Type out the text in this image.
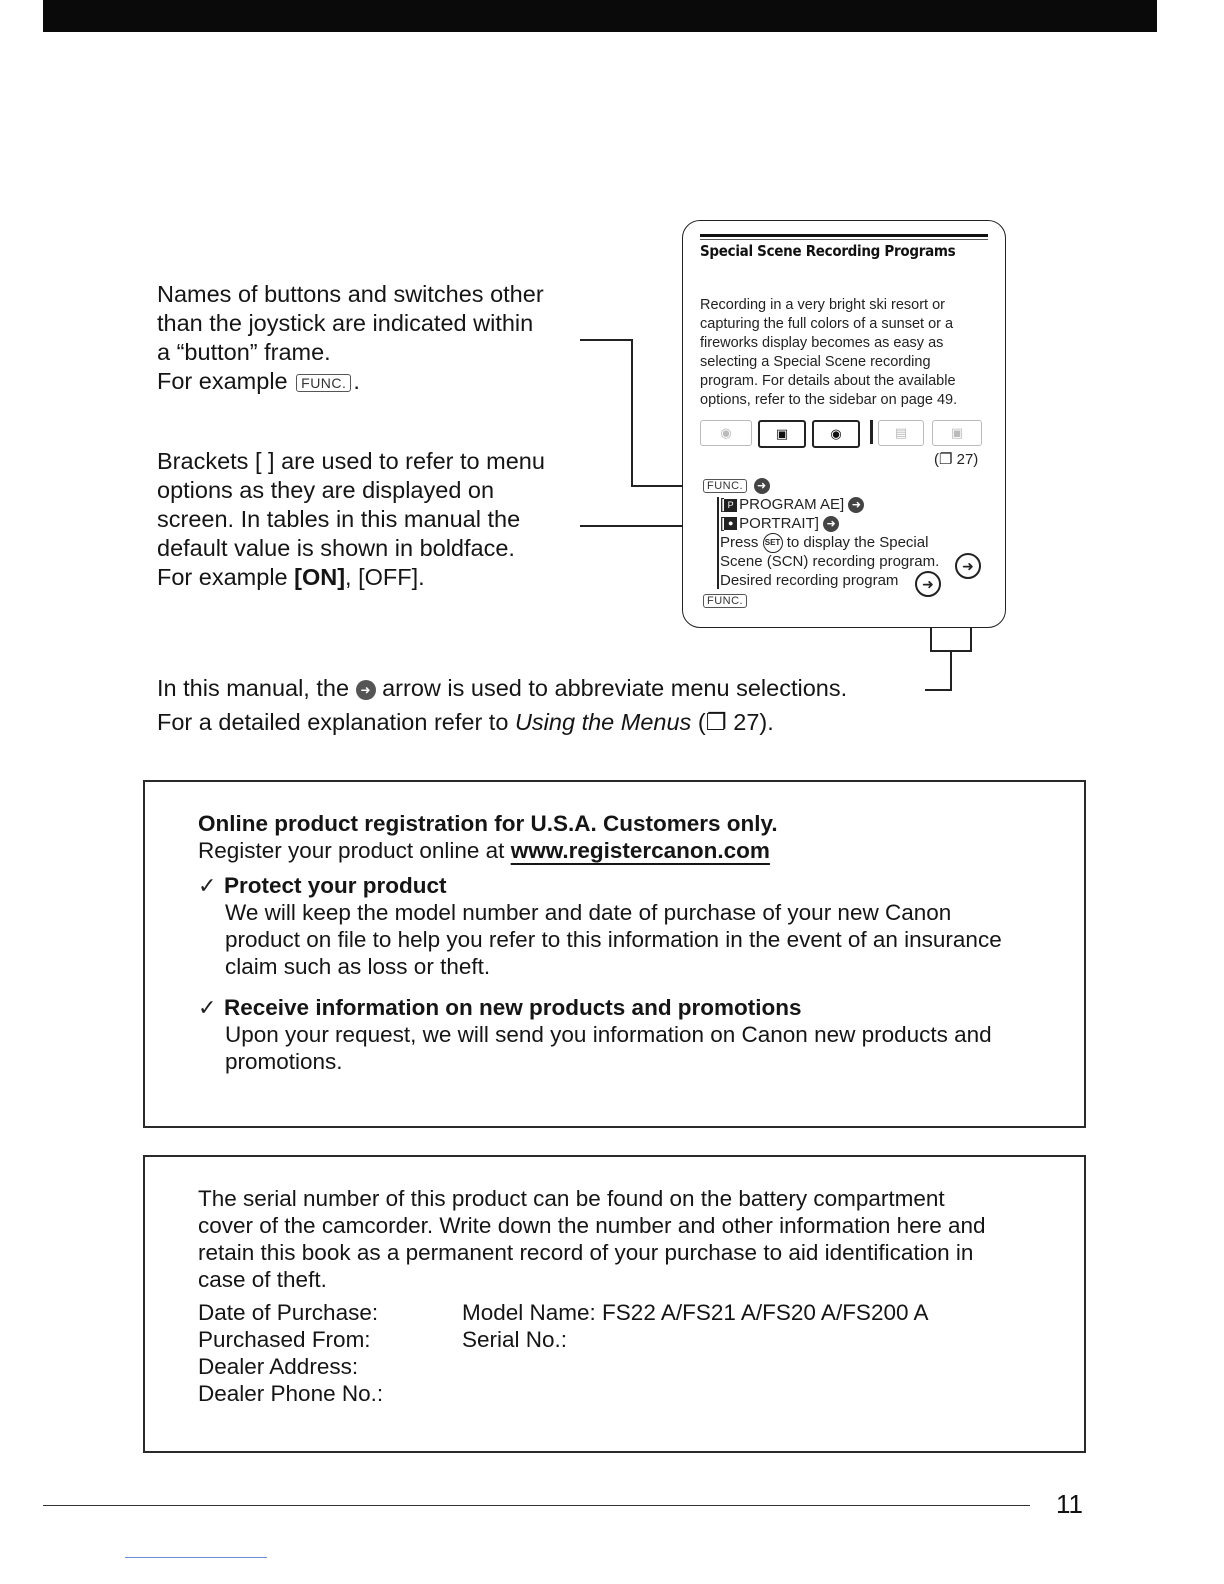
Names of buttons and switches other

than the joystick are indicated within

a “button” frame.

For example FUNC. .

Brackets [ ] are used to refer to menu

options as they are displayed on

screen. In tables in this manual the

default value is shown in boldface.

For example [ON], [OFF].

Special Scene Recording Programs
Recording in a very bright ski resort or
capturing the full colors of a sunset or a
fireworks display becomes as easy as
selecting a Special Scene recording
program. For details about the available
options, refer to the sidebar on page 49.
◉	▣	◉	▤	▣
(❐ 27)
FUNC. ➜
[ P PROGRAM AE] ➜
[ ● PORTRAIT] ➜
Press SET to display the Special
Scene (SCN) recording program.
Desired recording program
➜
➜
FUNC.
In this manual, the ➜ arrow is used to abbreviate menu selections.
For a detailed explanation refer to Using the Menus (❐ 27).
Online product registration for U.S.A. Customers only.
Register your product online at www.registercanon.com
✓ Protect your product
We will keep the model number and date of purchase of your new Canon
product on file to help you refer to this information in the event of an insurance
claim such as loss or theft.
✓ Receive information on new products and promotions
Upon your request, we will send you information on Canon new products and
promotions.
The serial number of this product can be found on the battery compartment
cover of the camcorder. Write down the number and other information here and
retain this book as a permanent record of your purchase to aid identification in
case of theft.
Date of Purchase:
Purchased From:
Dealer Address:
Dealer Phone No.:
Model Name: FS22 A/FS21 A/FS20 A/FS200 A
Serial No.:
11
